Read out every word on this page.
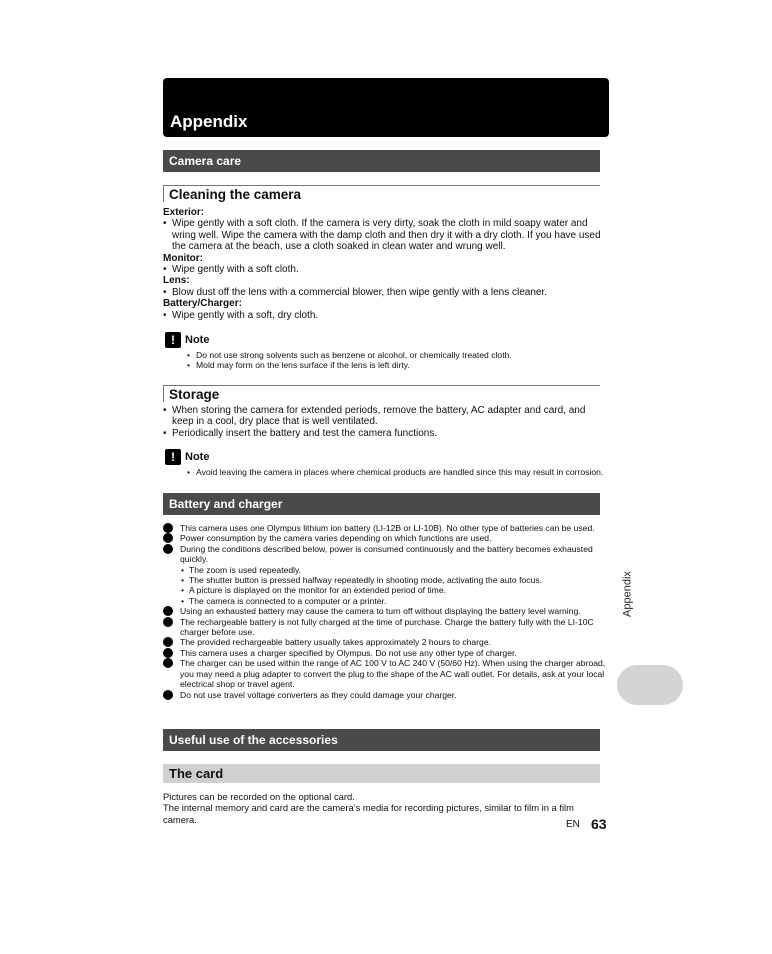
Appendix
Camera care
Cleaning the camera
Exterior:
• Wipe gently with a soft cloth. If the camera is very dirty, soak the cloth in mild soapy water and wring well. Wipe the camera with the damp cloth and then dry it with a dry cloth. If you have used the camera at the beach, use a cloth soaked in clean water and wrung well.
Monitor:
• Wipe gently with a soft cloth.
Lens:
• Blow dust off the lens with a commercial blower, then wipe gently with a lens cleaner.
Battery/Charger:
• Wipe gently with a soft, dry cloth.
! Note
• Do not use strong solvents such as benzene or alcohol, or chemically treated cloth.
• Mold may form on the lens surface if the lens is left dirty.
Storage
• When storing the camera for extended periods, remove the battery, AC adapter and card, and keep in a cool, dry place that is well ventilated.
• Periodically insert the battery and test the camera functions.
! Note
• Avoid leaving the camera in places where chemical products are handled since this may result in corrosion.
Battery and charger
This camera uses one Olympus lithium ion battery (LI-12B or LI-10B). No other type of batteries can be used.
Power consumption by the camera varies depending on which functions are used.
During the conditions described below, power is consumed continuously and the battery becomes exhausted quickly.
• The zoom is used repeatedly.
• The shutter button is pressed halfway repeatedly in shooting mode, activating the auto focus.
• A picture is displayed on the monitor for an extended period of time.
• The camera is connected to a computer or a printer.
Using an exhausted battery may cause the camera to turn off without displaying the battery level warning.
The rechargeable battery is not fully charged at the time of purchase. Charge the battery fully with the LI-10C charger before use.
The provided rechargeable battery usually takes approximately 2 hours to charge.
This camera uses a charger specified by Olympus. Do not use any other type of charger.
The charger can be used within the range of AC 100 V to AC 240 V (50/60 Hz). When using the charger abroad, you may need a plug adapter to convert the plug to the shape of the AC wall outlet. For details, ask at your local electrical shop or travel agent.
Do not use travel voltage converters as they could damage your charger.
Useful use of the accessories
The card
Pictures can be recorded on the optional card.
The internal memory and card are the camera’s media for recording pictures, similar to film in a film camera.	EN 63
Appendix
